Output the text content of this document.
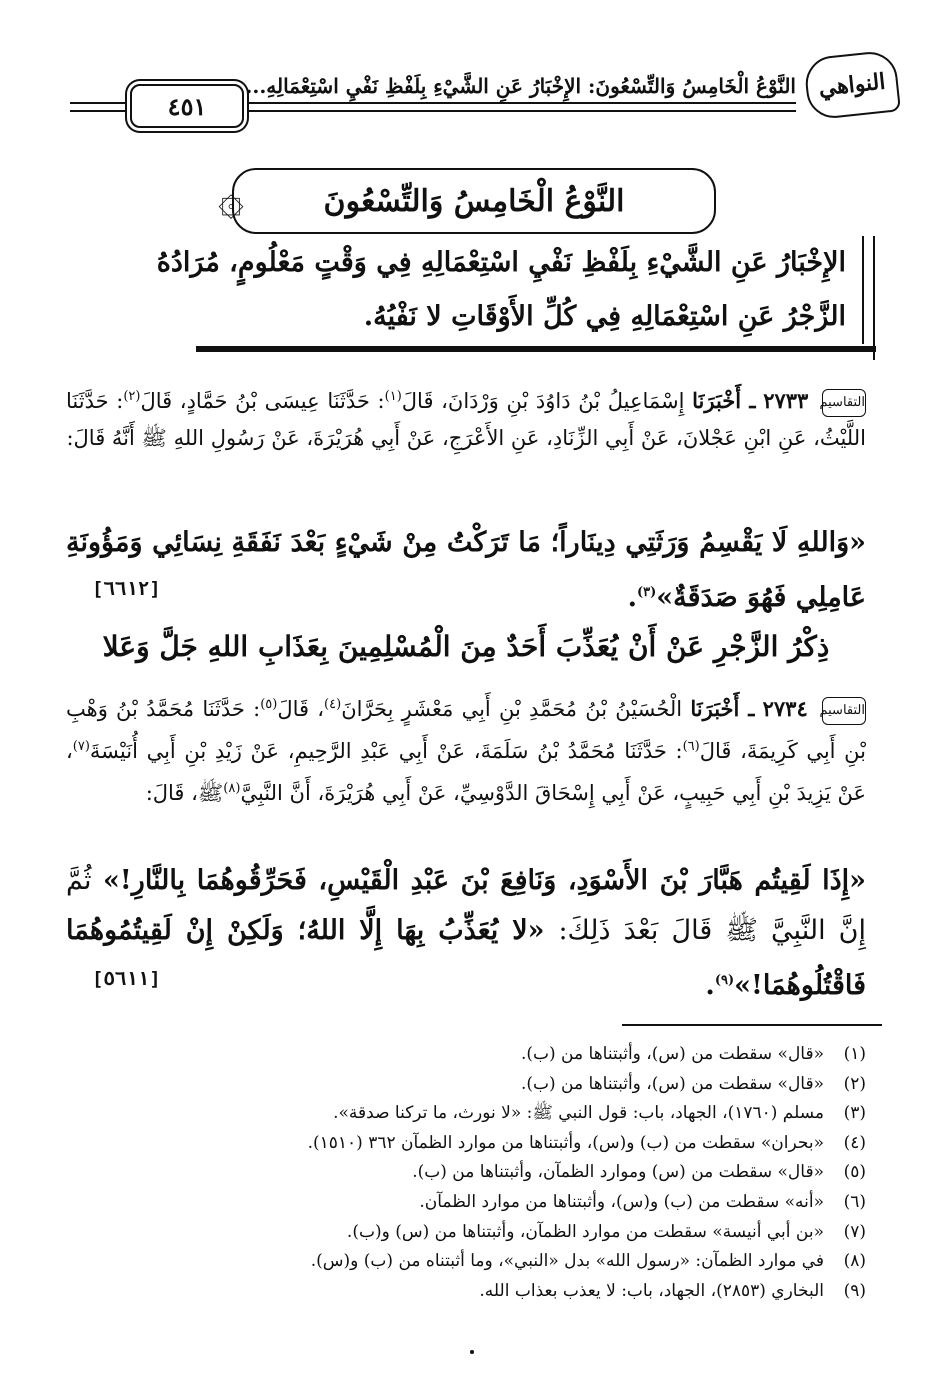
النواهي
النَّوْعُ الْخَامِسُ وَالتِّسْعُونَ: الإِخْبَارُ عَنِ الشَّيْءِ بِلَفْظِ نَفْيِ اسْتِعْمَالِهِ...
٤٥١
النَّوْعُ الْخَامِسُ وَالتِّسْعُونَ
۞
الإِخْبَارُ عَنِ الشَّيْءِ بِلَفْظِ نَفْيِ اسْتِعْمَالِهِ فِي وَقْتٍ مَعْلُومٍ، مُرَادُهُ الزَّجْرُ عَنِ اسْتِعْمَالِهِ فِي كُلِّ الأَوْقَاتِ لا نَفْيُهُ.
التقاسيم ٢٧٣٣ ـ أَخْبَرَنَا إِسْمَاعِيلُ بْنُ دَاوُدَ بْنِ وَرْدَانَ، قَالَ$^{(١)}$: حَدَّثَنَا عِيسَى بْنُ حَمَّادٍ، قَالَ$^{(٢)}$: حَدَّثَنَا اللَّيْثُ، عَنِ ابْنِ عَجْلانَ، عَنْ أَبِي الزِّنَادِ، عَنِ الأَعْرَجِ، عَنْ أَبِي هُرَيْرَةَ، عَنْ رَسُولِ اللهِ ﷺ أَنَّهُ قَالَ:
«وَاللهِ لَا يَقْسِمُ وَرَثَتِي دِينَاراً؛ مَا تَرَكْتُ مِنْ شَيْءٍ بَعْدَ نَفَقَةِ نِسَائِي وَمَؤُونَةِ عَامِلِي فَهُوَ صَدَقَةٌ»$^{(٣)}$.
[٦٦١٢]
ذِكْرُ الزَّجْرِ عَنْ أَنْ يُعَذِّبَ أَحَدٌ مِنَ الْمُسْلِمِينَ بِعَذَابِ اللهِ جَلَّ وَعَلا
التقاسيم ٢٧٣٤ ـ أَخْبَرَنَا الْحُسَيْنُ بْنُ مُحَمَّدِ بْنِ أَبِي مَعْشَرٍ بِحَرَّانَ$^{(٤)}$، قَالَ$^{(٥)}$: حَدَّثَنَا مُحَمَّدُ بْنُ وَهْبِ بْنِ أَبِي كَرِيمَةَ، قَالَ$^{(٦)}$: حَدَّثَنَا مُحَمَّدُ بْنُ سَلَمَةَ، عَنْ أَبِي عَبْدِ الرَّحِيمِ، عَنْ زَيْدِ بْنِ أَبِي أُنَيْسَةَ$^{(٧)}$، عَنْ يَزِيدَ بْنِ أَبِي حَبِيبٍ، عَنْ أَبِي إِسْحَاقَ الدَّوْسِيِّ، عَنْ أَبِي هُرَيْرَةَ، أَنَّ النَّبِيَّ$^{(٨)}$ﷺ، قَالَ:
«إِذَا لَقِيتُم هَبَّارَ بْنَ الأَسْوَدِ، وَنَافِعَ بْنَ عَبْدِ الْقَيْسِ، فَحَرِّقُوهُمَا بِالنَّارِ!» ثُمَّ إِنَّ النَّبِيَّ ﷺ قَالَ بَعْدَ ذَلِكَ: «لا يُعَذِّبُ بِهَا إِلَّا اللهُ؛ وَلَكِنْ إِنْ لَقِيتُمُوهُمَا فَاقْتُلُوهُمَا!»$^{(٩)}$.
[٥٦١١]
(١)
«قال» سقطت من (س)، وأثبتناها من (ب).
(٢)
«قال» سقطت من (س)، وأثبتناها من (ب).
(٣)
مسلم (١٧٦٠)، الجهاد، باب: قول النبي ﷺ: «لا نورث، ما تركنا صدقة».
(٤)
«بحران» سقطت من (ب) و(س)، وأثبتناها من موارد الظمآن ٣٦٢ (١٥١٠).
(٥)
«قال» سقطت من (س) وموارد الظمآن، وأثبتناها من (ب).
(٦)
«أنه» سقطت من (ب) و(س)، وأثبتناها من موارد الظمآن.
(٧)
«بن أبي أنيسة» سقطت من موارد الظمآن، وأثبتناها من (س) و(ب).
(٨)
في موارد الظمآن: «رسول الله» بدل «النبي»، وما أثبتناه من (ب) و(س).
(٩)
البخاري (٢٨٥٣)، الجهاد، باب: لا يعذب بعذاب الله.
